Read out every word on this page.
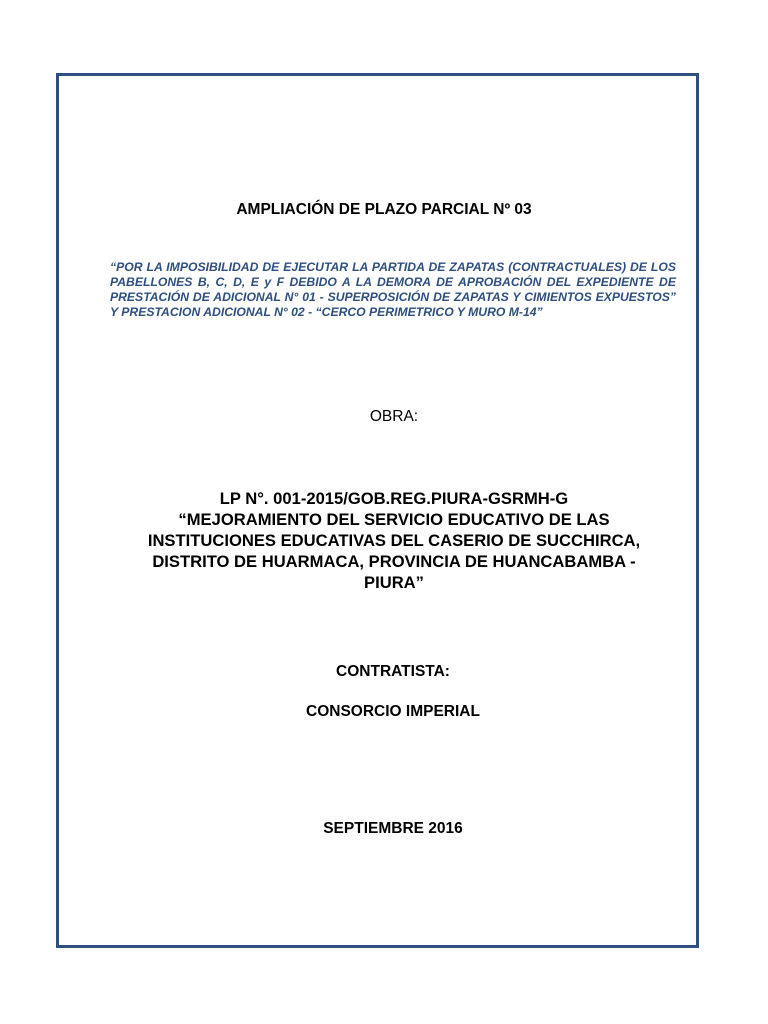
AMPLIACIÓN DE PLAZO PARCIAL Nº 03
“POR LA IMPOSIBILIDAD DE EJECUTAR LA PARTIDA DE ZAPATAS (CONTRACTUALES) DE LOS PABELLONES B, C, D, E y F DEBIDO A LA DEMORA DE APROBACIÓN DEL EXPEDIENTE DE PRESTACIÓN DE ADICIONAL N° 01 - SUPERPOSICIÓN DE ZAPATAS Y CIMIENTOS EXPUESTOS” Y PRESTACION ADICIONAL N° 02 - “CERCO PERIMETRICO Y MURO M-14”
OBRA:
LP N°. 001-2015/GOB.REG.PIURA-GSRMH-G
“MEJORAMIENTO DEL SERVICIO EDUCATIVO DE LAS
INSTITUCIONES EDUCATIVAS DEL CASERIO DE SUCCHIRCA,
DISTRITO DE HUARMACA, PROVINCIA DE HUANCABAMBA -
PIURA”
CONTRATISTA:
CONSORCIO IMPERIAL
SEPTIEMBRE 2016
